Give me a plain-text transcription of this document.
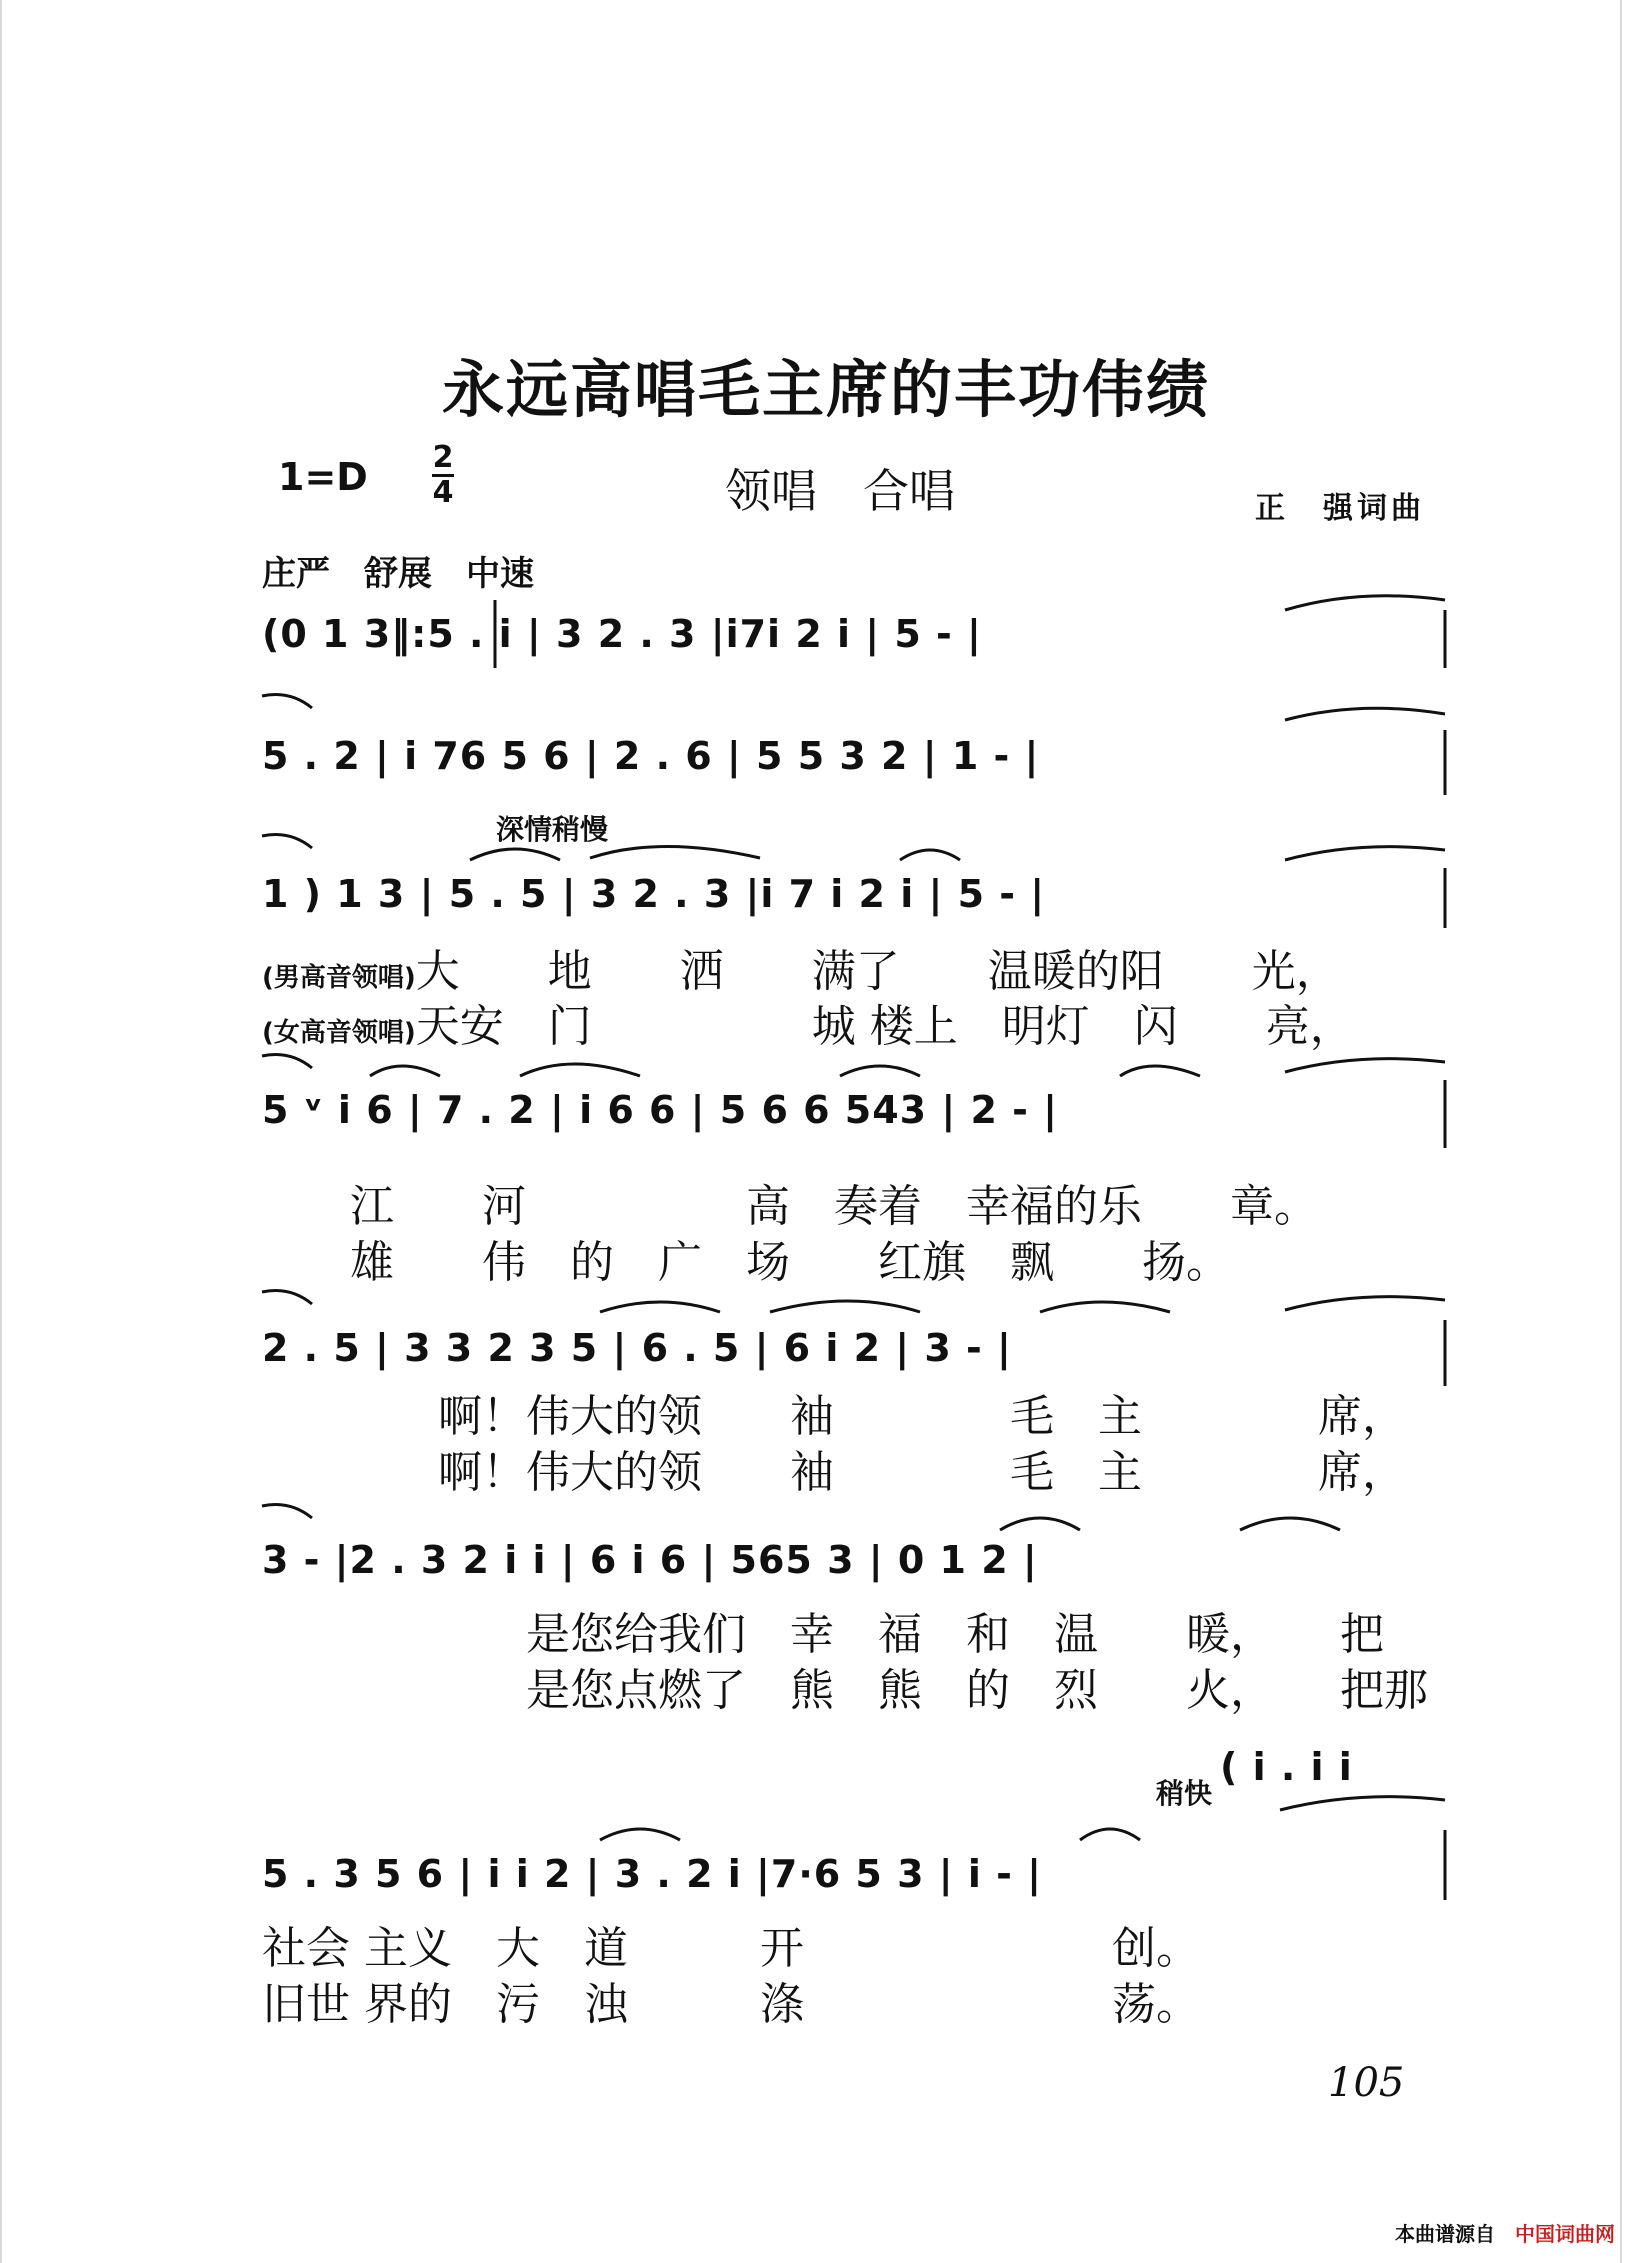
永远高唱毛主席的丰功伟绩
1=D 2
4	领唱　合唱	正　强词曲
庄严　舒展　中速
深情稍慢
(0 1 3‖:5 . i | 3 2 . 3 |i7i 2 i | 5 - |
5 . 2 | i 76 5 6 | 2 . 6 | 5 5 3 2 | 1 - |
1 ) 1 3 | 5 . 5 | 3 2 . 3 |i 7 i 2 i | 5 - |
(男高音领唱)大　　地　　洒　　满了　　温暖的阳　　光，
(女高音领唱)天安　门　　　　　城 楼上　明灯　闪　　亮，
5 ᵛ i 6 | 7 . 2 | i 6 6 | 5 6 6 543 | 2 - |
　　江　　河　　　　　高　奏着　幸福的乐　　章。
　　雄　　伟　的　广　场　　红旗　飘　　扬。
2 . 5 | 3 3 2 3 5 | 6 . 5 | 6 i 2 | 3 - |
　　　　啊！伟大的领　　袖　　　　毛　主　　　　席，
　　　　啊！伟大的领　　袖　　　　毛　主　　　　席，
3 - |2 . 3 2 i i | 6 i 6 | 565 3 | 0 1 2 |
　　　　　　是您给我们　幸　福　和　温　　暖，　　把
　　　　　　是您点燃了　熊　熊　的　烈　　火，　　把那
稍快
( i . i i
5 . 3 5 6 | i i 2 | 3 . 2 i |7·6 5 3 | i - |
社会 主义　大　道　　　开　　　　　　　创。
旧世 界的　污　浊　　　涤　　　　　　　荡。
105
本曲谱源自　 中国词曲网
